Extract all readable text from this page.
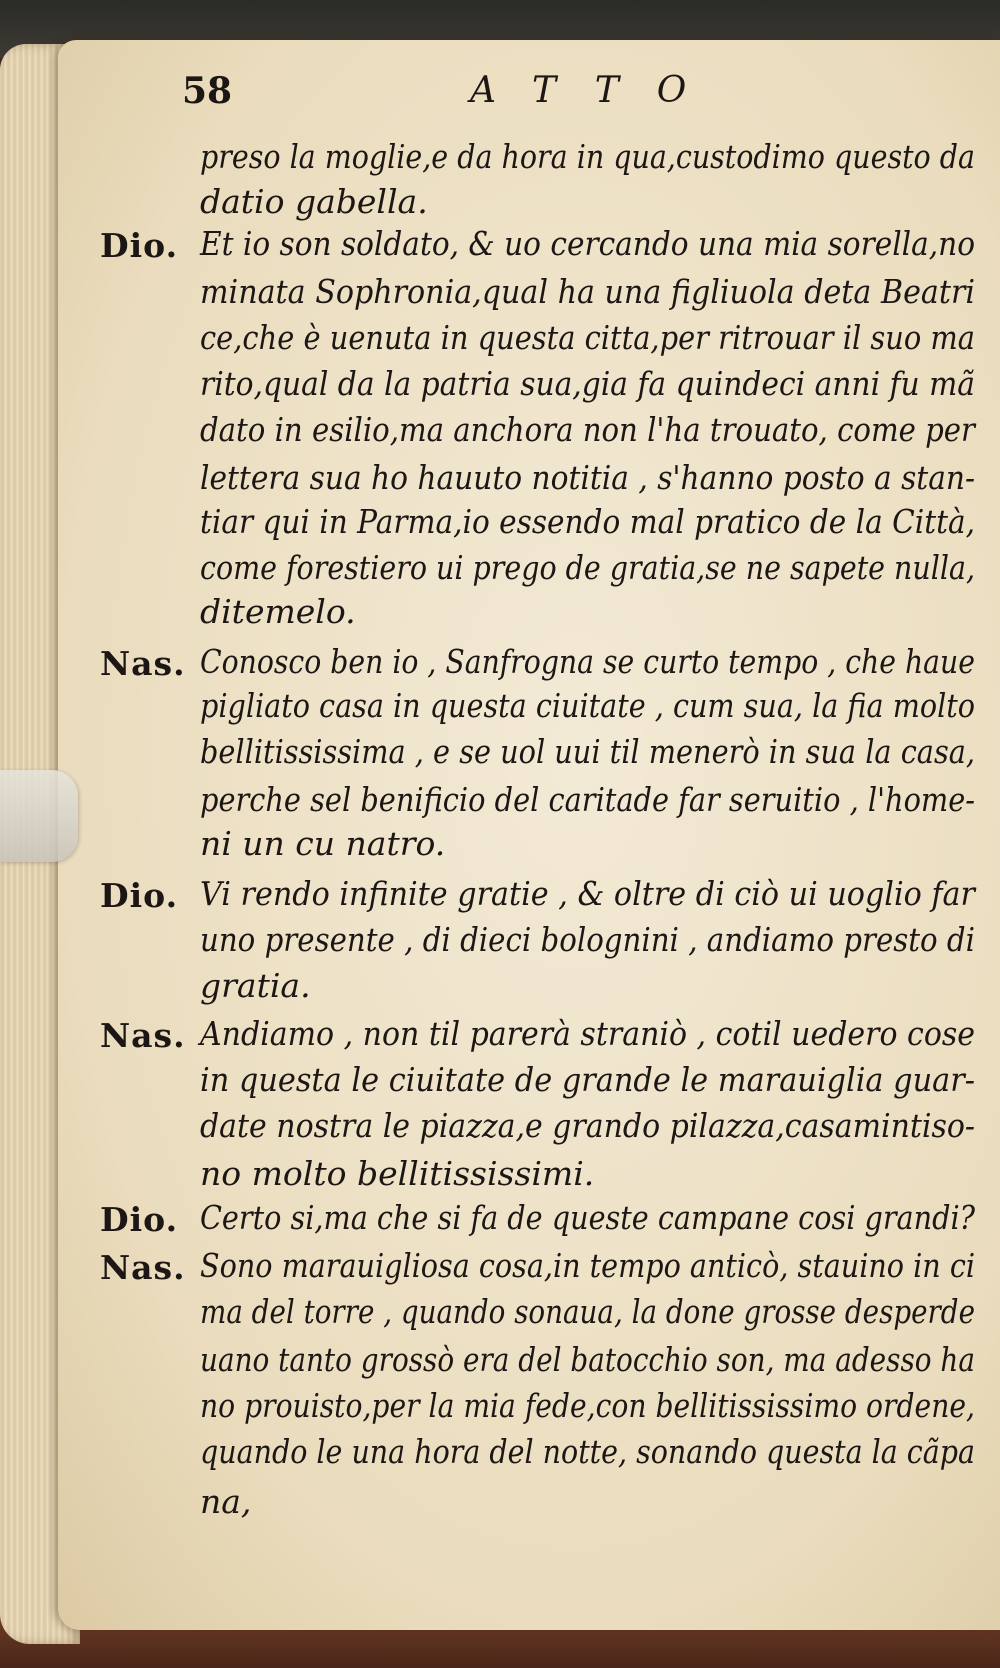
58	ATTO
preso la moglie,e da hora in qua,custodimo questo da
datio gabella.
Dio. Et io son soldato, & uo cercando una mia sorella,no
minata Sophronia,qual ha una figliuola deta Beatri
ce,che è uenuta in questa citta,per ritrouar il suo ma
rito,qual da la patria sua,gia fa quindeci anni fu mã
dato in esilio,ma anchora non l'ha trouato, come per
lettera sua ho hauuto notitia , s'hanno posto a stan-
tiar qui in Parma,io essendo mal pratico de la Città,
come forestiero ui prego de gratia,se ne sapete nulla,
ditemelo.
Nas. Conosco ben io , Sanfrogna se curto tempo , che haue
pigliato casa in questa ciuitate , cum sua, la fia molto
bellitississima , e se uol uui til menerò in sua la casa,
perche sel benificio del caritade far seruitio , l'home-
ni un cu natro.
Dio. Vi rendo infinite gratie , & oltre di ciò ui uoglio far
uno presente , di dieci bolognini , andiamo presto di
gratia.
Nas. Andiamo , non til parerà straniò , cotil uedero cose
in questa le ciuitate de grande le marauiglia guar-
date nostra le piazza,e grando pilazza,casamintiso-
no molto bellitississimi.
Dio. Certo si,ma che si fa de queste campane cosi grandi?
Nas. Sono marauigliosa cosa,in tempo anticò, stauino in ci
ma del torre , quando sonaua, la done grosse desperde
uano tanto grossò era del batocchio son, ma adesso ha
no prouisto,per la mia fede,con bellitississimo ordene,
quando le una hora del notte, sonando questa la cãpa
na,
